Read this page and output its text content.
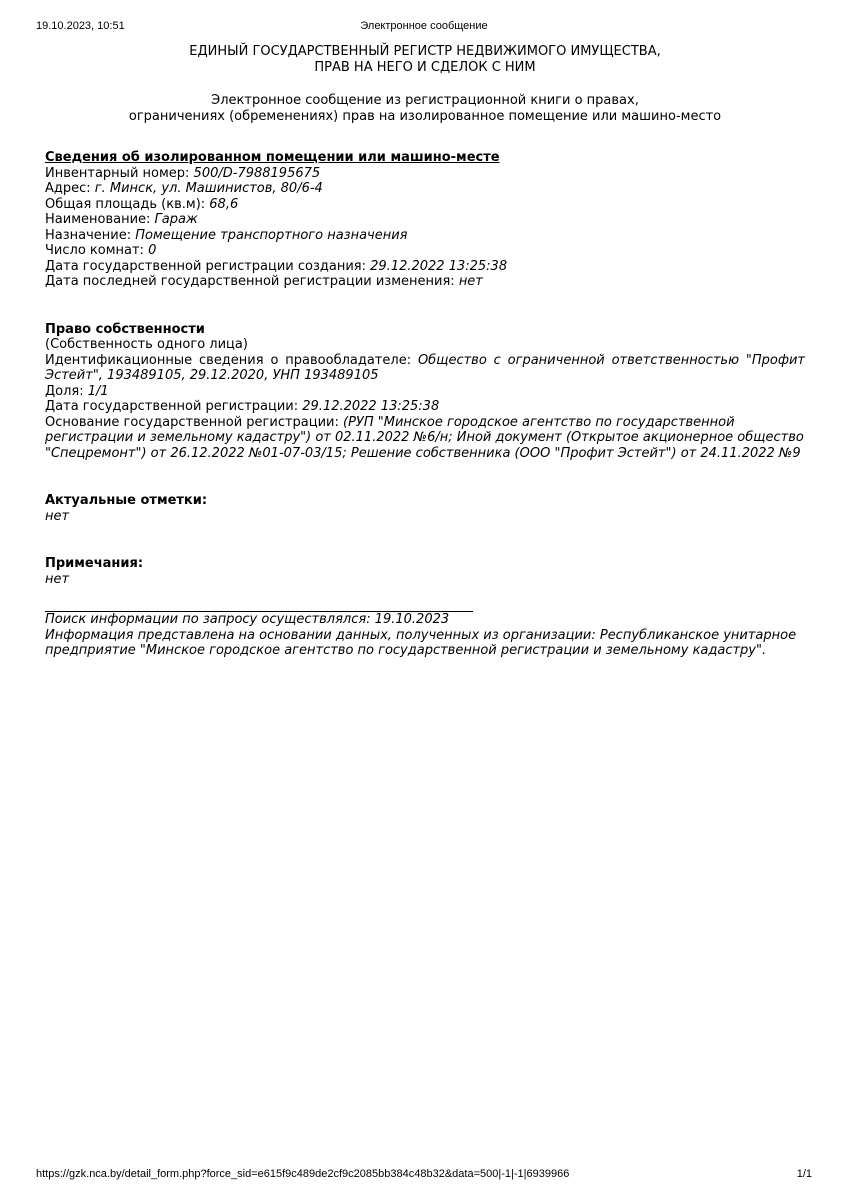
19.10.2023, 10:51	Электронное сообщение
ЕДИНЫЙ ГОСУДАРСТВЕННЫЙ РЕГИСТР НЕДВИЖИМОГО ИМУЩЕСТВА,
ПРАВ НА НЕГО И СДЕЛОК С НИМ
Электронное сообщение из регистрационной книги о правах,
ограничениях (обременениях) прав на изолированное помещение или машино-место
Сведения об изолированном помещении или машино-месте
Инвентарный номер: 500/D-7988195675
Адрес: г. Минск, ул. Машинистов, 80/6-4
Общая площадь (кв.м): 68,6
Наименование: Гараж
Назначение: Помещение транспортного назначения
Число комнат: 0
Дата государственной регистрации создания: 29.12.2022 13:25:38
Дата последней государственной регистрации изменения: нет
Право собственности
(Собственность одного лица)
Идентификационные сведения о правообладателе: Общество с ограниченной ответственностью "Профит Эстейт", 193489105, 29.12.2020, УНП 193489105
Доля: 1/1
Дата государственной регистрации: 29.12.2022 13:25:38
Основание государственной регистрации: (РУП "Минское городское агентство по государственной регистрации и земельному кадастру") от 02.11.2022 №6/н; Иной документ (Открытое акционерное общество "Спецремонт") от 26.12.2022 №01-07-03/15; Решение собственника (ООО "Профит Эстейт") от 24.11.2022 №9
Актуальные отметки:
нет
Примечания:
нет
Поиск информации по запросу осуществлялся: 19.10.2023
Информация представлена на основании данных, полученных из организации: Республиканское унитарное предприятие "Минское городское агентство по государственной регистрации и земельному кадастру".
https://gzk.nca.by/detail_form.php?force_sid=e615f9c489de2cf9c2085bb384c48b32&data=500|-1|-1|6939966	1/1
